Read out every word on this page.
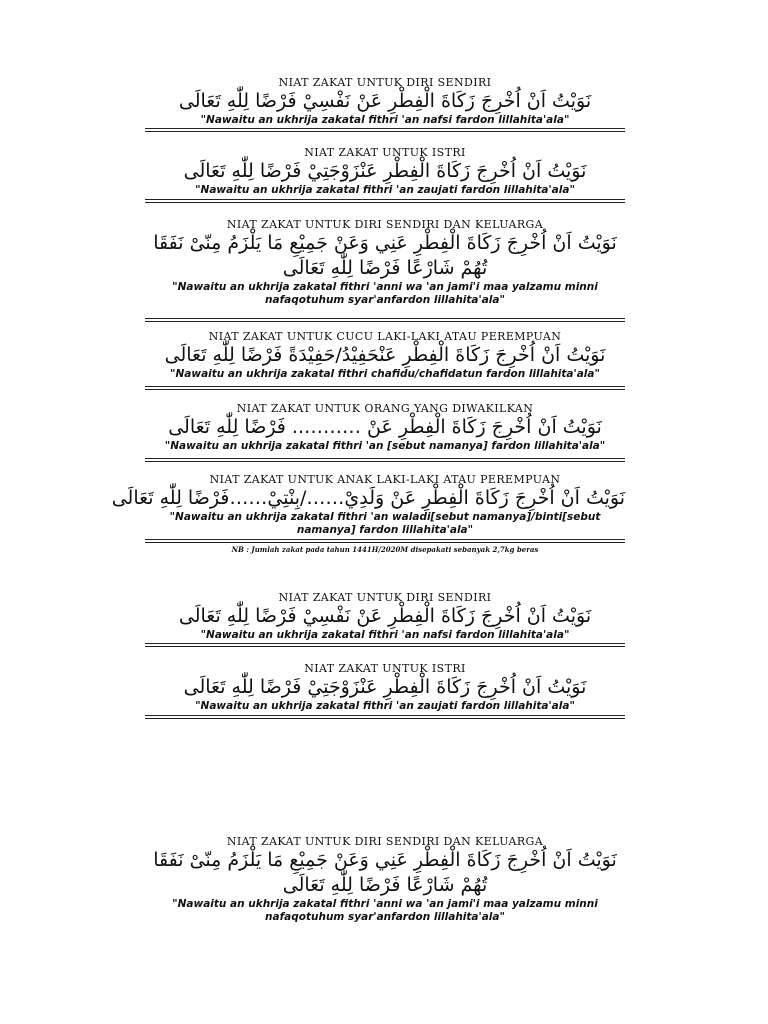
NIAT ZAKAT UNTUK DIRI SENDIRI
نَوَيْتُ اَنْ اُخْرِجَ زَكَاةَ الْفِطْرِ عَنْ نَفْسِيْ فَرْضًا لِلّٰهِ تَعَالَى
"Nawaitu an ukhrija zakatal fithri 'an nafsi fardon lillahita'ala"
NIAT ZAKAT UNTUK ISTRI
نَوَيْتُ اَنْ اُخْرِجَ زَكَاةَ الْفِطْرِ عَنْزَوْجَتِيْ فَرْضًا لِلّٰهِ تَعَالَى
"Nawaitu an ukhrija zakatal fithri 'an zaujati fardon lillahita'ala"
NIAT ZAKAT UNTUK DIRI SENDIRI DAN KELUARGA
نَوَيْتُ اَنْ اُخْرِجَ زَكَاةَ الْفِطْرِ عَنِي وَعَنْ جَمِيْعِ مَا يَلْزَمُ مِنّىْ نَفَقَا تُهُمْ شَارْعًا فَرْضًا لِلّٰهِ تَعَالَى
"Nawaitu an ukhrija zakatal fithri 'anni wa 'an jami'i maa yalzamu minni nafaqotuhum syar'anfardon lillahita'ala"
NIAT ZAKAT UNTUK CUCU LAKI-LAKI ATAU PEREMPUAN
نَوَيْتُ اَنْ اُخْرِجَ زَكَاةَ الْفِطْرِ عَنْحَفِيْدُ/حَفِيْدَةً فَرْضًا لِلّٰهِ تَعَالَى
"Nawaitu an ukhrija zakatal fithri chafidu/chafidatun fardon lillahita'ala"
NIAT ZAKAT UNTUK ORANG YANG DIWAKILKAN
نَوَيْتُ اَنْ اُخْرِجَ زَكَاةَ الْفِطْرِ عَنْ ……….. فَرْضًا لِلّٰهِ تَعَالَى
"Nawaitu an ukhrija zakatal fithri 'an [sebut namanya] fardon lillahita'ala"
NIAT ZAKAT UNTUK ANAK LAKI-LAKI ATAU PEREMPUAN
نَوَيْتُ اَنْ اُخْرِجَ زَكَاةَ الْفِطْرِ عَنْ وَلَدِيْ……/بِنْتِيْ……فَرْضًا لِلّٰهِ تَعَالَى
"Nawaitu an ukhrija zakatal fithri 'an waladi[sebut namanya]/binti[sebut namanya] fardon lillahita'ala"
NB : Jumlah zakat pada tahun 1441H/2020M disepakati sebanyak 2,7kg beras
NIAT ZAKAT UNTUK DIRI SENDIRI
نَوَيْتُ اَنْ اُخْرِجَ زَكَاةَ الْفِطْرِ عَنْ نَفْسِيْ فَرْضًا لِلّٰهِ تَعَالَى
"Nawaitu an ukhrija zakatal fithri 'an nafsi fardon lillahita'ala"
NIAT ZAKAT UNTUK ISTRI
نَوَيْتُ اَنْ اُخْرِجَ زَكَاةَ الْفِطْرِ عَنْزَوْجَتِيْ فَرْضًا لِلّٰهِ تَعَالَى
"Nawaitu an ukhrija zakatal fithri 'an zaujati fardon lillahita'ala"
NIAT ZAKAT UNTUK DIRI SENDIRI DAN KELUARGA
نَوَيْتُ اَنْ اُخْرِجَ زَكَاةَ الْفِطْرِ عَنِي وَعَنْ جَمِيْعِ مَا يَلْزَمُ مِنّىْ نَفَقَا تُهُمْ شَارْعًا فَرْضًا لِلّٰهِ تَعَالَى
"Nawaitu an ukhrija zakatal fithri 'anni wa 'an jami'i maa yalzamu minni nafaqotuhum syar'anfardon lillahita'ala"
